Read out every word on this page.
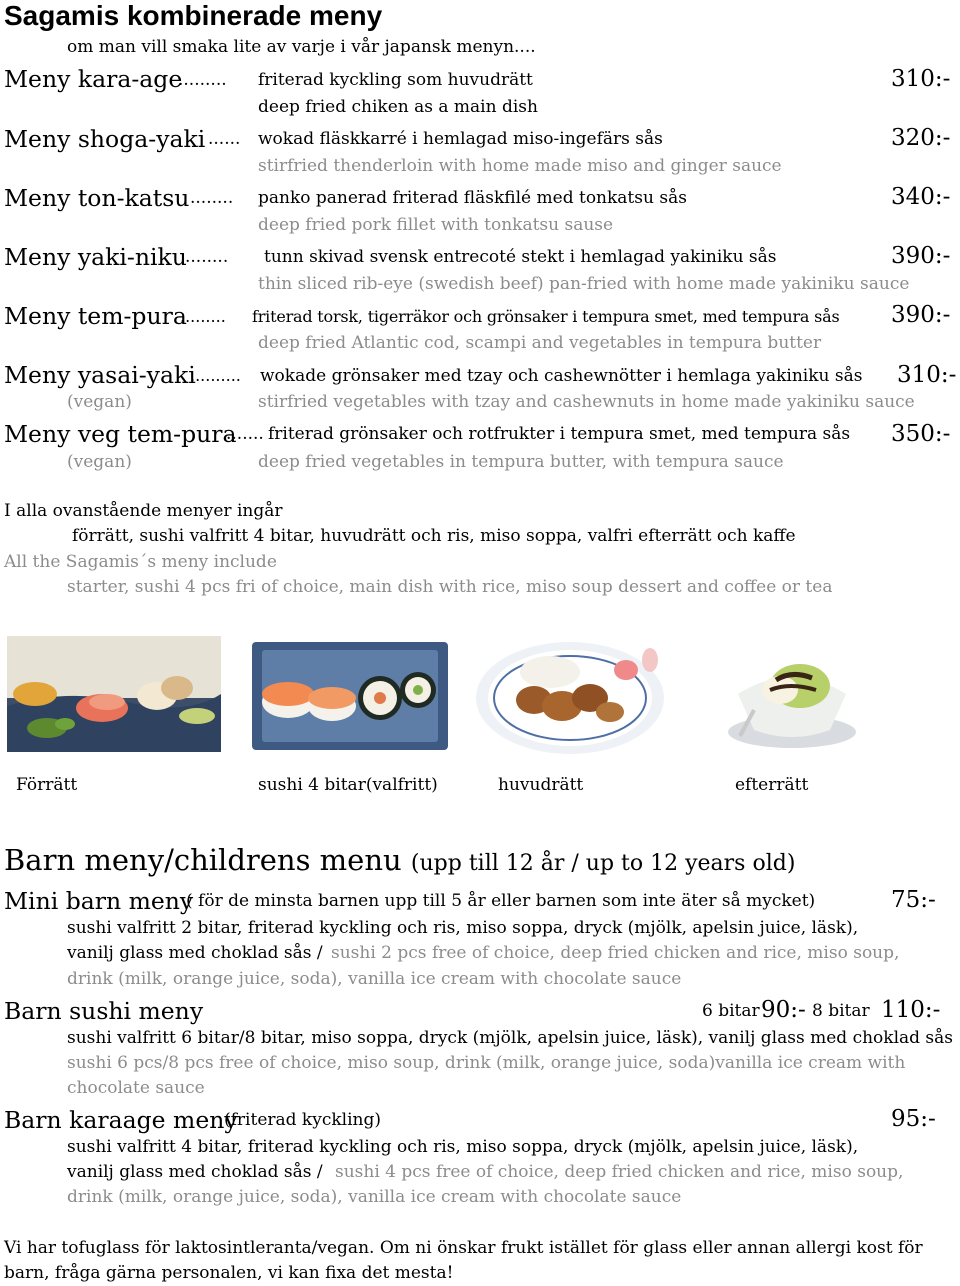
Sagamis kombinerade meny
om man vill smaka lite av varje i vår japansk menyn....
Meny kara-age
......... friterad kyckling som huvudrätt	310:-
deep fried chiken as a main dish
Meny shoga-yaki ...... wokad fläskkarré i hemlagad miso-ingefärs sås	320:-
stirfried thenderloin with home made miso and ginger sauce
Meny ton-katsu ........ panko panerad friterad fläskfilé med tonkatsu sås	340:-
deep fried pork fillet with tonkatsu sause
Meny yaki-niku
........ tunn skivad svensk entrecoté stekt i hemlagad yakiniku sås	390:-
thin sliced rib-eye (swedish beef) pan-fried with home made yakiniku sauce
Meny tem-pura
......... friterad torsk, tigerräkor och grönsaker i tempura smet, med tempura sås 390:-
deep fried Atlantic cod, scampi and vegetables in tempura butter
Meny yasai-yaki
.......... wokade grönsaker med tzay och cashewnötter i hemlaga yakiniku sås 310:-
(vegan)	stirfried vegetables with tzay and cashewnuts in home made yakiniku sauce
Meny veg tem-pura
....... friterad grönsaker och rotfrukter i tempura smet, med tempura sås 350:-
(vegan)	deep fried vegetables in tempura butter, with tempura sauce
I alla ovanstående menyer ingår
förrätt, sushi valfritt 4 bitar, huvudrätt och ris, miso soppa, valfri efterrätt och kaffe
All the Sagamis´s meny include
starter, sushi 4 pcs fri of choice, main dish with rice, miso soup dessert and coffee or tea
Förrätt	sushi 4 bitar(valfritt)	huvudrätt	efterrätt
Barn meny/childrens menu (upp till 12 år / up to 12 years old)
Mini barn meny
( för de minsta barnen upp till 5 år eller barnen som inte äter så mycket)	75:-
sushi valfritt 2 bitar, friterad kyckling och ris, miso soppa, dryck (mjölk, apelsin juice, läsk),
vanilj glass med choklad sås / sushi 2 pcs free of choice, deep fried chicken and rice, miso soup,
drink (milk, orange juice, soda), vanilla ice cream with chocolate sauce
Barn sushi meny	6 bitar 90:- 8 bitar 110:-
sushi valfritt 6 bitar/8 bitar, miso soppa, dryck (mjölk, apelsin juice, läsk), vanilj glass med choklad sås
sushi 6 pcs/8 pcs free of choice, miso soup, drink (milk, orange juice, soda)vanilla ice cream with
chocolate sauce
Barn karaage meny
(friterad kyckling)	95:-
sushi valfritt 4 bitar, friterad kyckling och ris, miso soppa, dryck (mjölk, apelsin juice, läsk),
vanilj glass med choklad sås / sushi 4 pcs free of choice, deep fried chicken and rice, miso soup,
drink (milk, orange juice, soda), vanilla ice cream with chocolate sauce
Vi har tofuglass för laktosintleranta/vegan. Om ni önskar frukt istället för glass eller annan allergi kost för
barn, fråga gärna personalen, vi kan fixa det mesta!
